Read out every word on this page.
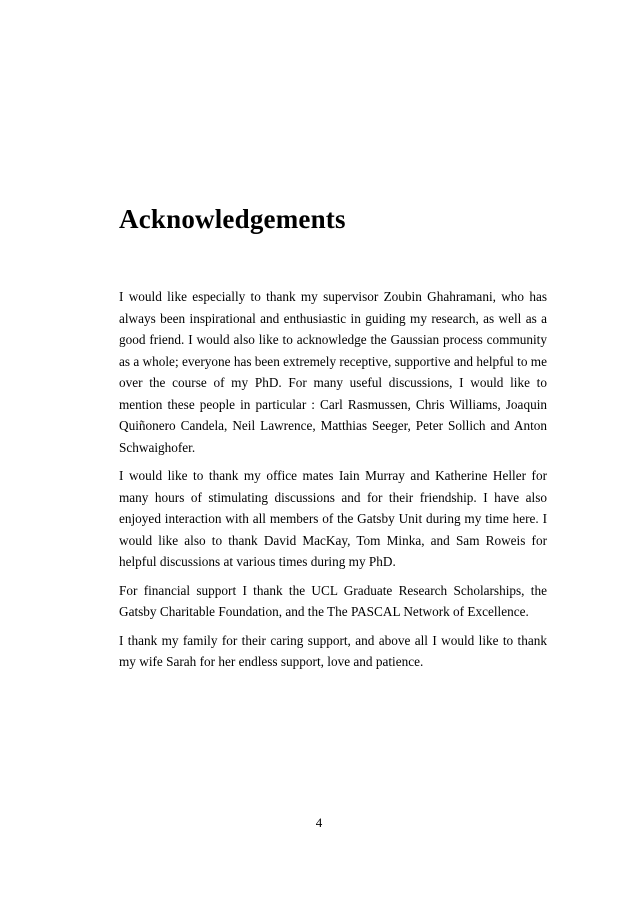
Acknowledgements

I would like especially to thank my supervisor Zoubin Ghahramani, who has always been inspirational and enthusiastic in guiding my research, as well as a good friend. I would also like to acknowledge the Gaussian process community as a whole; everyone has been extremely receptive, supportive and helpful to me over the course of my PhD. For many useful discussions, I would like to mention these people in particular : Carl Rasmussen, Chris Williams, Joaquin Quiñonero Candela, Neil Lawrence, Matthias Seeger, Peter Sollich and Anton Schwaighofer.

I would like to thank my office mates Iain Murray and Katherine Heller for many hours of stimulating discussions and for their friendship. I have also enjoyed interaction with all members of the Gatsby Unit during my time here. I would like also to thank David MacKay, Tom Minka, and Sam Roweis for helpful discussions at various times during my PhD.

For financial support I thank the UCL Graduate Research Scholarships, the Gatsby Charitable Foundation, and the The PASCAL Network of Excellence.

I thank my family for their caring support, and above all I would like to thank my wife Sarah for her endless support, love and patience.

4
